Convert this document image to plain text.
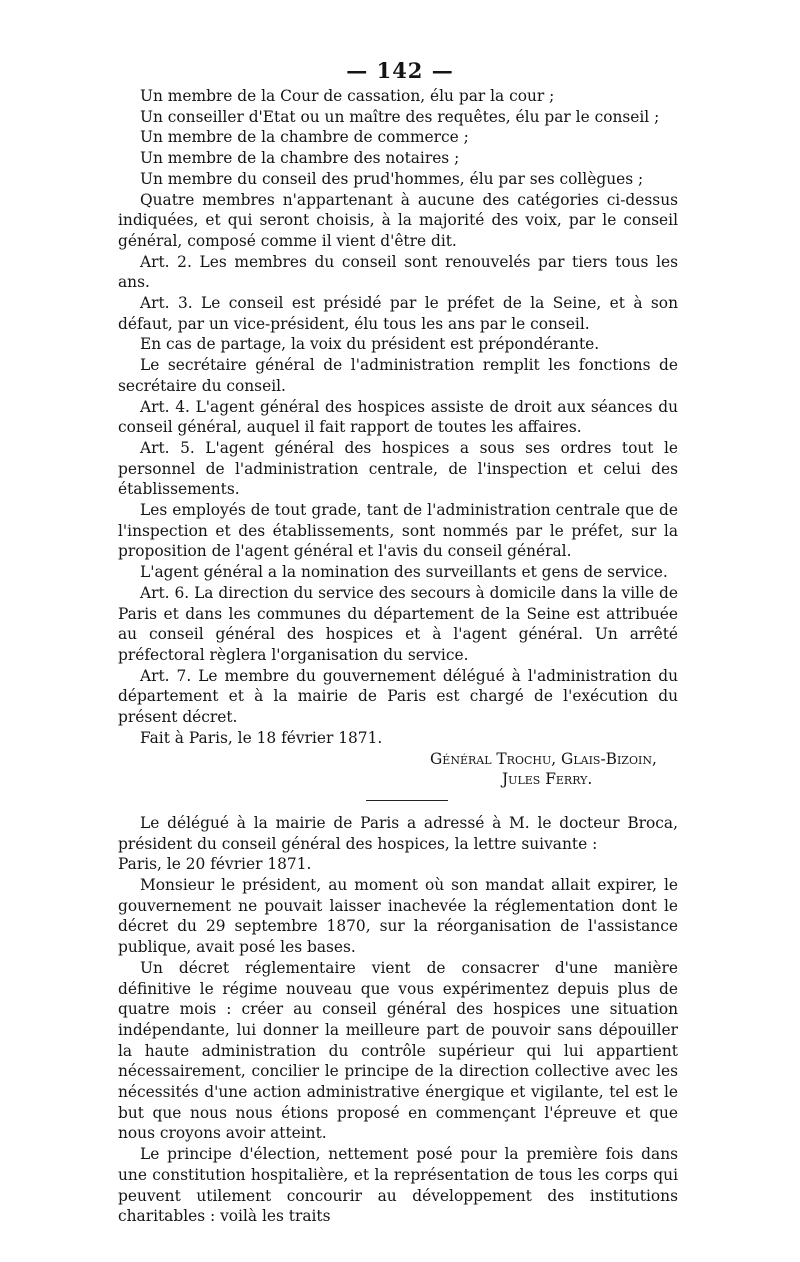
— 142 —

Un membre de la Cour de cassation, élu par la cour ;

Un conseiller d'Etat ou un maître des requêtes, élu par le conseil ;

Un membre de la chambre de commerce ;

Un membre de la chambre des notaires ;

Un membre du conseil des prud'hommes, élu par ses collègues ;

Quatre membres n'appartenant à aucune des catégories ci-dessus indiquées, et qui seront choisis, à la majorité des voix, par le conseil général, composé comme il vient d'être dit.

Art. 2. Les membres du conseil sont renouvelés par tiers tous les ans.

Art. 3. Le conseil est présidé par le préfet de la Seine, et à son défaut, par un vice-président, élu tous les ans par le conseil.

En cas de partage, la voix du président est prépondérante.

Le secrétaire général de l'administration remplit les fonctions de secrétaire du conseil.

Art. 4. L'agent général des hospices assiste de droit aux séances du conseil général, auquel il fait rapport de toutes les affaires.

Art. 5. L'agent général des hospices a sous ses ordres tout le personnel de l'administration centrale, de l'inspection et celui des établissements.

Les employés de tout grade, tant de l'administration centrale que de l'inspection et des établissements, sont nommés par le préfet, sur la proposition de l'agent général et l'avis du conseil général.

L'agent général a la nomination des surveillants et gens de service.

Art. 6. La direction du service des secours à domicile dans la ville de Paris et dans les communes du département de la Seine est attribuée au conseil général des hospices et à l'agent général. Un arrêté préfectoral règlera l'organisation du service.

Art. 7. Le membre du gouvernement délégué à l'administration du département et à la mairie de Paris est chargé de l'exécution du présent décret.

Fait à Paris, le 18 février 1871.

Général Trochu, Glais-Bizoin,
Jules Ferry.

Le délégué à la mairie de Paris a adressé à M. le docteur Broca, président du conseil général des hospices, la lettre suivante :

Paris, le 20 février 1871.

Monsieur le président, au moment où son mandat allait expirer, le gouvernement ne pouvait laisser inachevée la réglementation dont le décret du 29 septembre 1870, sur la réorganisation de l'assistance publique, avait posé les bases.

Un décret réglementaire vient de consacrer d'une manière définitive le régime nouveau que vous expérimentez depuis plus de quatre mois : créer au conseil général des hospices une situation indépendante, lui donner la meilleure part de pouvoir sans dépouiller la haute administration du contrôle supérieur qui lui appartient nécessairement, concilier le principe de la direction collective avec les nécessités d'une action administrative énergique et vigilante, tel est le but que nous nous étions proposé en commençant l'épreuve et que nous croyons avoir atteint.

Le principe d'élection, nettement posé pour la première fois dans une constitution hospitalière, et la représentation de tous les corps qui peuvent utilement concourir au développement des institutions charitables : voilà les traits
